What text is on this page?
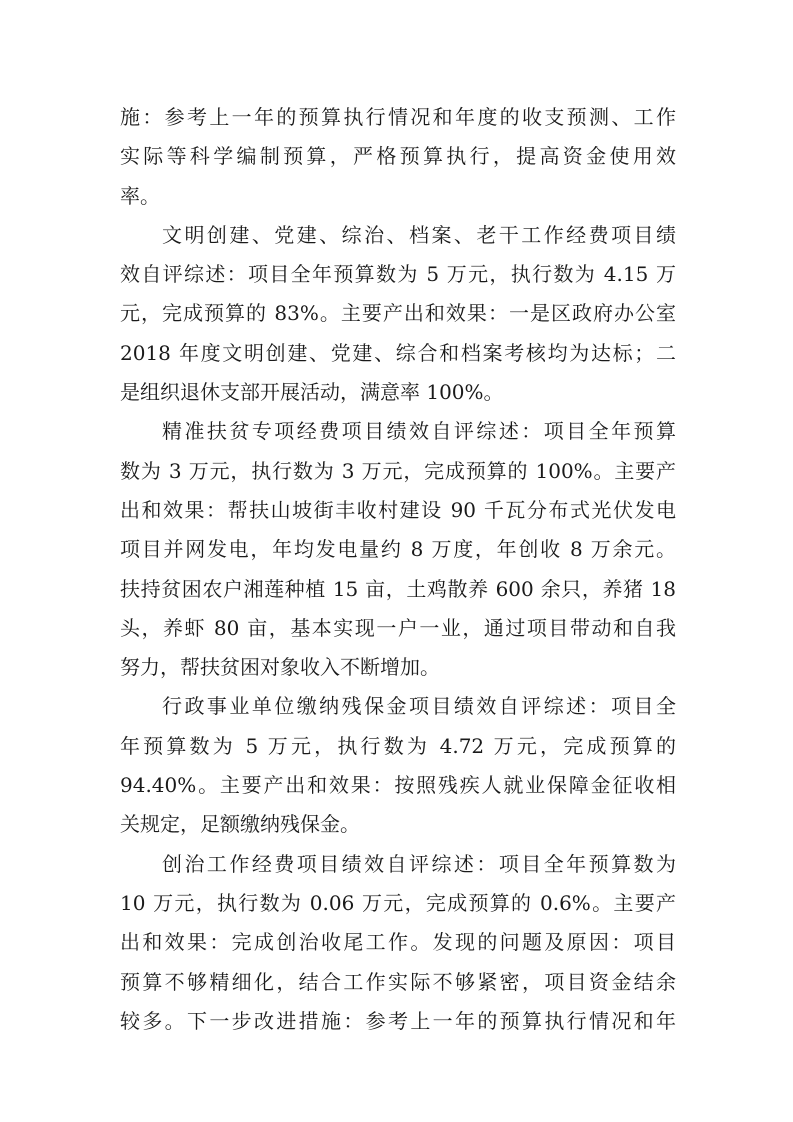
施：参考上一年的预算执行情况和年度的收支预测、工作
实际等科学编制预算，严格预算执行，提高资金使用效
率。
文明创建、党建、综治、档案、老干工作经费项目绩
效自评综述：项目全年预算数为 5 万元，执行数为 4.15 万
元，完成预算的 83%。主要产出和效果：一是区政府办公室
2018 年度文明创建、党建、综合和档案考核均为达标；二
是组织退休支部开展活动，满意率 100%。
精准扶贫专项经费项目绩效自评综述：项目全年预算
数为 3 万元，执行数为 3 万元，完成预算的 100%。主要产
出和效果：帮扶山坡街丰收村建设 90 千瓦分布式光伏发电
项目并网发电，年均发电量约 8 万度，年创收 8 万余元。
扶持贫困农户湘莲种植 15 亩，土鸡散养 600 余只，养猪 18
头，养虾 80 亩，基本实现一户一业，通过项目带动和自我
努力，帮扶贫困对象收入不断增加。
行政事业单位缴纳残保金项目绩效自评综述：项目全
年预算数为 5 万元，执行数为 4.72 万元，完成预算的
94.40%。主要产出和效果：按照残疾人就业保障金征收相
关规定，足额缴纳残保金。
创治工作经费项目绩效自评综述：项目全年预算数为
10 万元，执行数为 0.06 万元，完成预算的 0.6%。主要产
出和效果：完成创治收尾工作。发现的问题及原因：项目
预算不够精细化，结合工作实际不够紧密，项目资金结余
较多。下一步改进措施：参考上一年的预算执行情况和年
